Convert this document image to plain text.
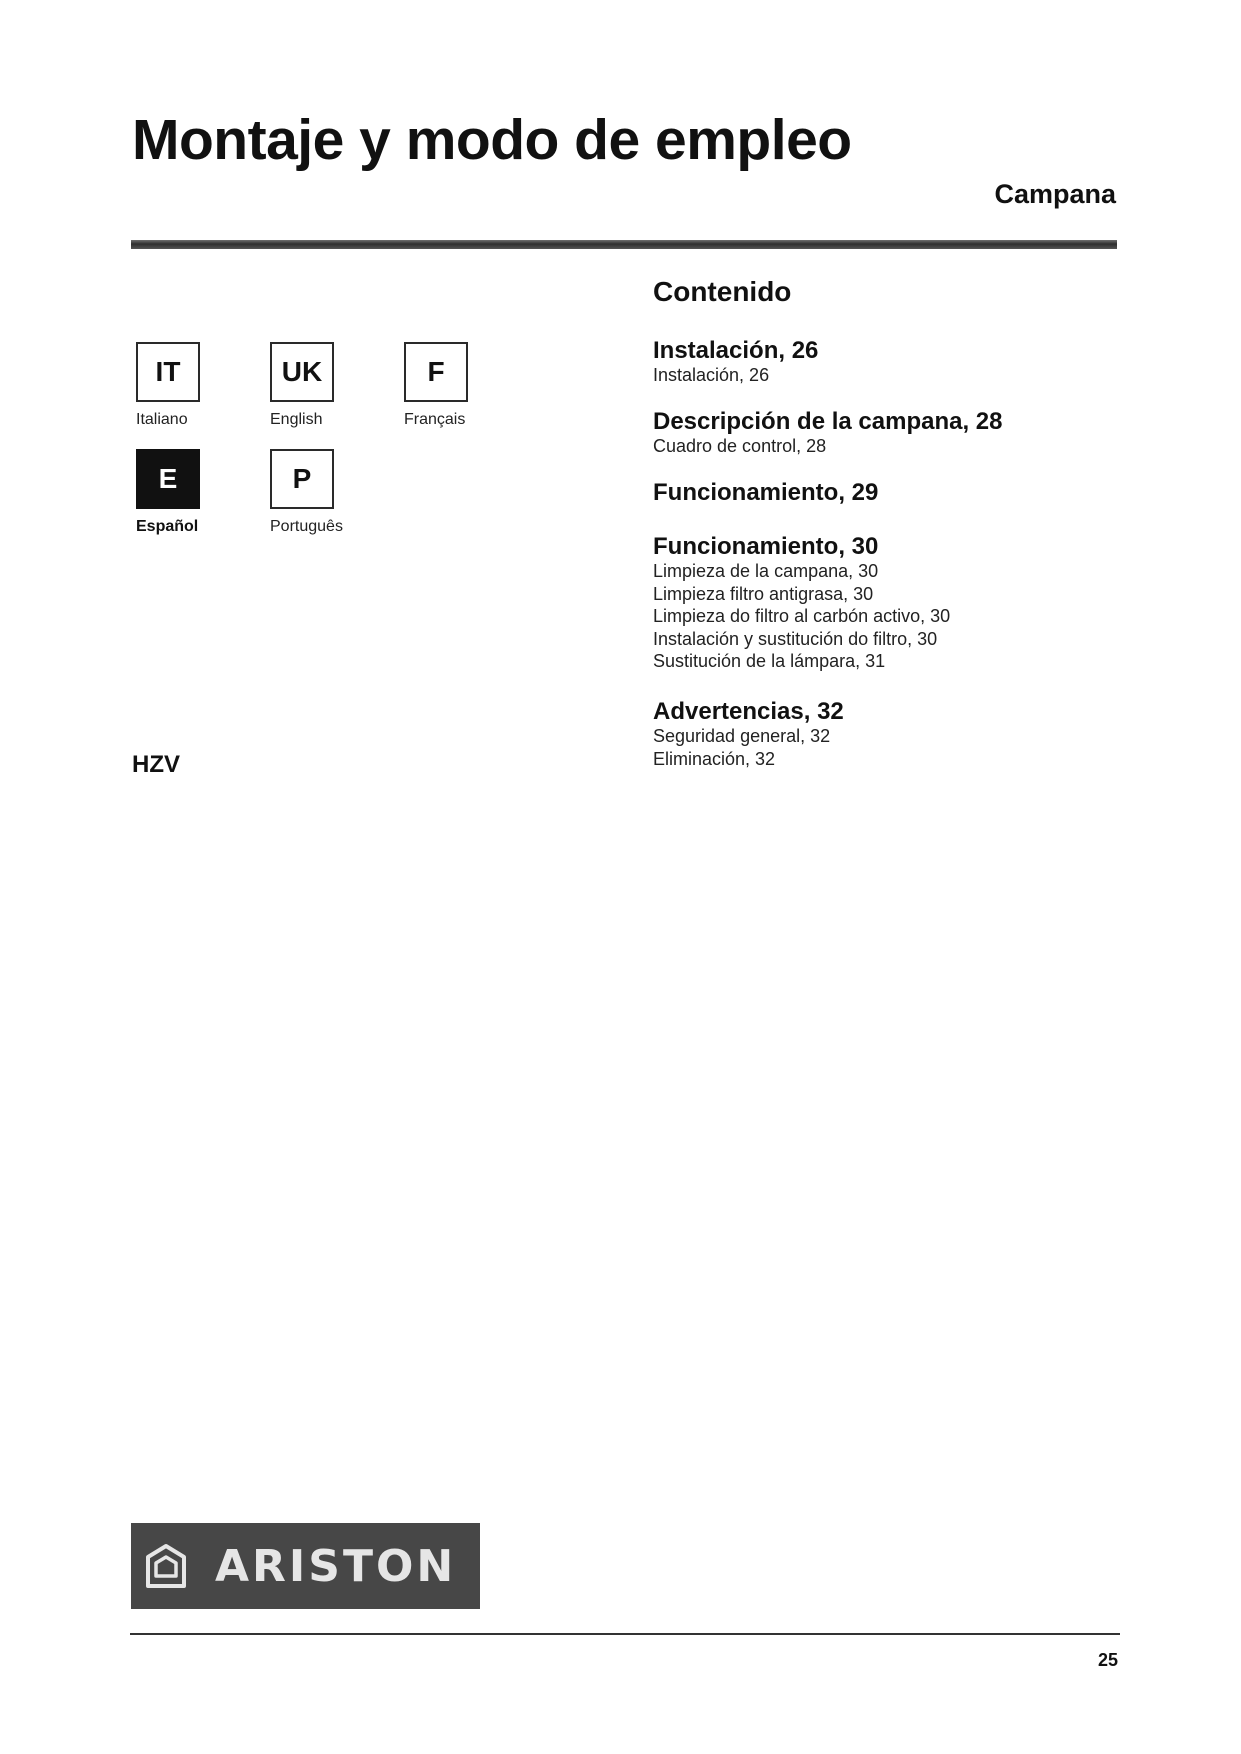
Montaje y modo de empleo
Campana
IT
Italiano
UK
English
F
Français
E
Español
P
Português
HZV
Contenido
Instalación, 26
Instalación, 26
Descripción de la campana, 28
Cuadro de control, 28
Funcionamiento, 29
Funcionamiento, 30
Limpieza de la campana, 30
Limpieza filtro antigrasa, 30
Limpieza do filtro al carbón activo, 30
Instalación y sustitución do filtro, 30
Sustitución de la lámpara, 31
Advertencias, 32
Seguridad general, 32
Eliminación, 32
ARISTON
25
